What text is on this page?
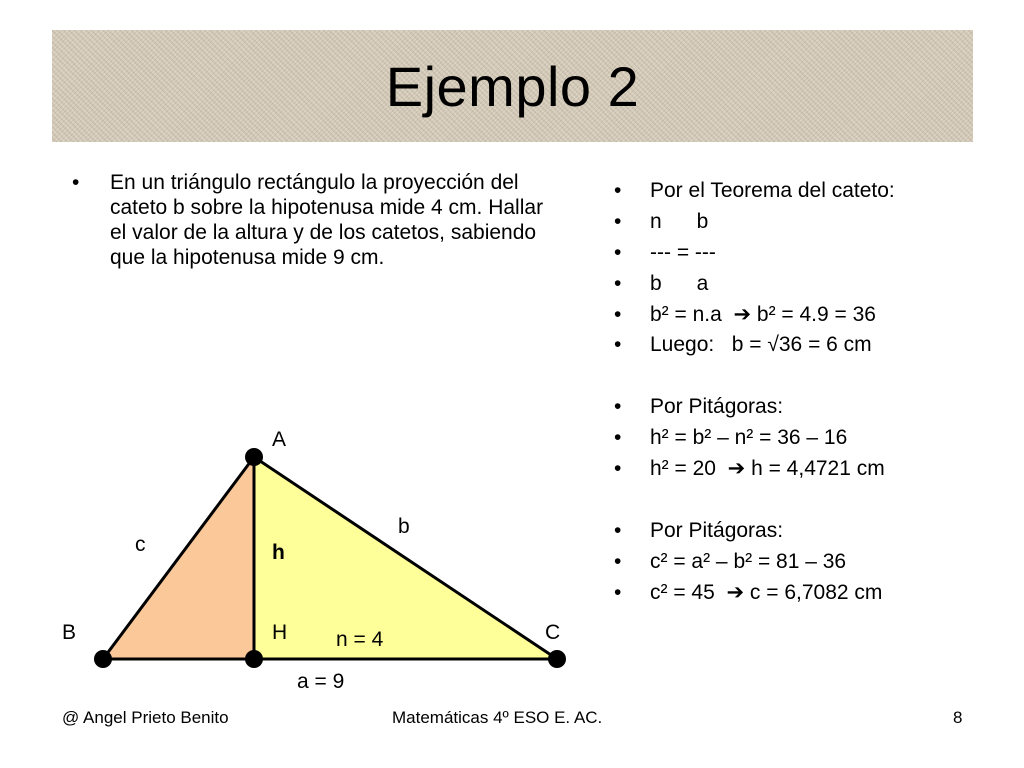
Ejemplo 2
• En un triángulo rectángulo la proyección del cateto b sobre la hipotenusa mide 4 cm. Hallar el valor de la altura y de los catetos, sabiendo que la hipotenusa mide 9 cm.
• Por el Teorema del cateto:
• n      b
• --- = ---
• b      a
• b² = n.a  ➔ b² = 4.9 = 36
• Luego:   b = √36 = 6 cm
• Por Pitágoras:
• h² = b² – n² = 36 – 16
• h² = 20  ➔ h = 4,4721 cm
• Por Pitágoras:
• c² = a² – b² = 81 – 36
• c² = 45  ➔ c = 6,7082 cm
A
b
c	h
B	H	C
n = 4
a = 9
@ Angel Prieto Benito	Matemáticas 4º ESO E. AC.	8
